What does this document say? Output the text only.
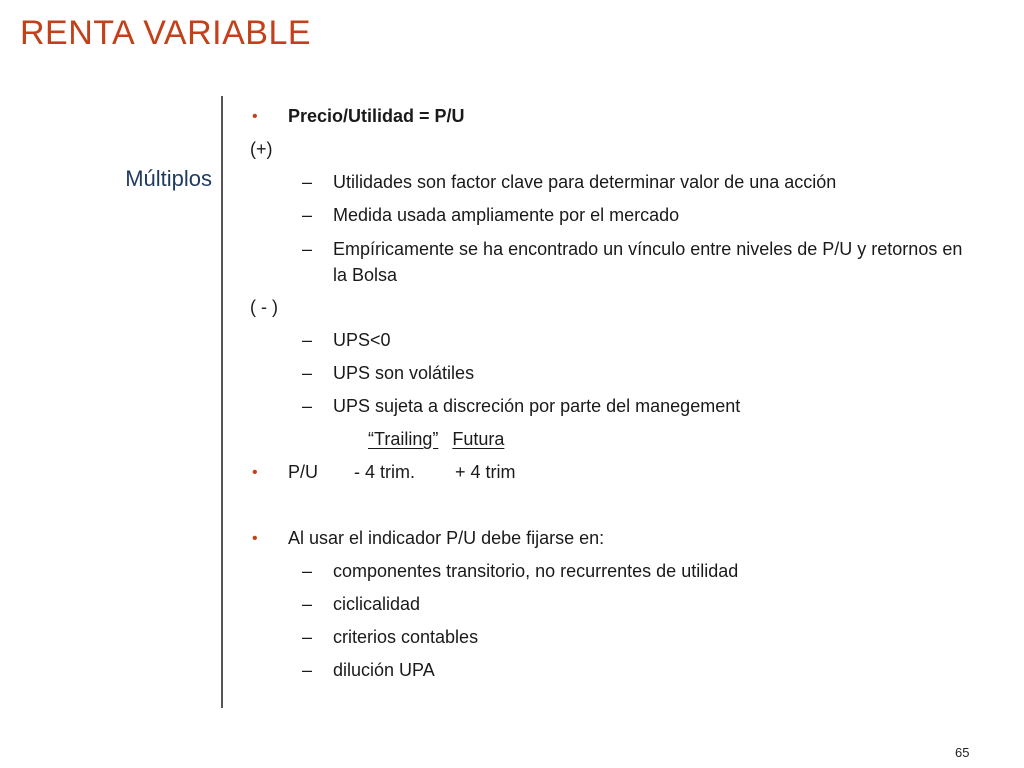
RENTA VARIABLE
Múltiplos
• Precio/Utilidad = P/U
(+)
– Utilidades son factor clave para determinar valor de una acción
– Medida usada ampliamente por el mercado
– Empíricamente se ha encontrado un vínculo entre niveles de P/U y retornos en la Bolsa
( - )
– UPS<0
– UPS son volátiles
– UPS sujeta a discreción por parte del manegement
“Trailing” Futura
• P/U - 4 trim. + 4 trim
• Al usar el indicador P/U debe fijarse en:
– componentes transitorio, no recurrentes de utilidad
– ciclicalidad
– criterios contables
– dilución UPA
65
